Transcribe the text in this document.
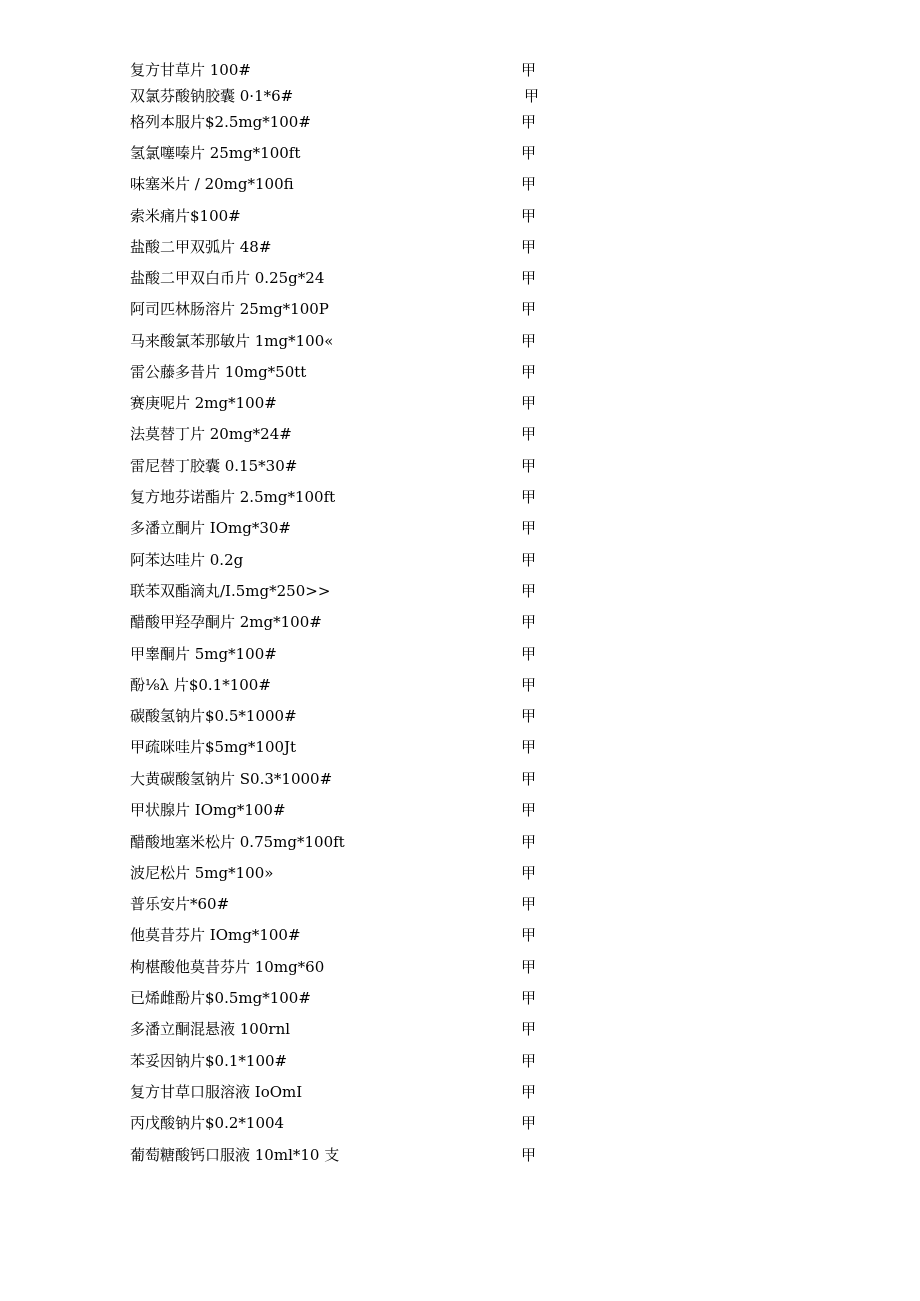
复方甘草片 100#	甲
双氯芬酸钠胶囊 0·1*6#	甲
格列本服片$2.5mg*100#	甲
氢氯噻嗪片 25mg*100ft	甲
味塞米片 / 20mg*100fi	甲
索米痛片$100#	甲
盐酸二甲双弧片 48#	甲
盐酸二甲双白币片 0.25g*24	甲
阿司匹林肠溶片 25mg*100P	甲
马来酸氯苯那敏片 1mg*100«	甲
雷公藤多昔片 10mg*50tt	甲
赛庚呢片 2mg*100#	甲
法莫替丁片 20mg*24#	甲
雷尼替丁胶囊 0.15*30#	甲
复方地芬诺酯片 2.5mg*100ft	甲
多潘立酮片 IOmg*30#	甲
阿苯达哇片 0.2g	甲
联苯双酯滴丸/I.5mg*250>>	甲
醋酸甲羟孕酮片 2mg*100#	甲
甲睾酮片 5mg*100#	甲
酚⅛λ 片$0.1*100#	甲
碳酸氢钠片$0.5*1000#	甲
甲疏咪哇片$5mg*100Jt	甲
大黄碳酸氢钠片 S0.3*1000#	甲
甲状腺片 IOmg*100#	甲
醋酸地塞米松片 0.75mg*100ft	甲
波尼松片 5mg*100»	甲
普乐安片*60#	甲
他莫昔芬片 IOmg*100#	甲
枸椹酸他莫昔芬片 10mg*60	甲
已烯雌酚片$0.5mg*100#	甲
多潘立酮混悬液 100rnl	甲
苯妥因钠片$0.1*100#	甲
复方甘草口服溶液 IoOmI	甲
丙戊酸钠片$0.2*1004	甲
葡萄糖酸钙口服液 10ml*10 支	甲
